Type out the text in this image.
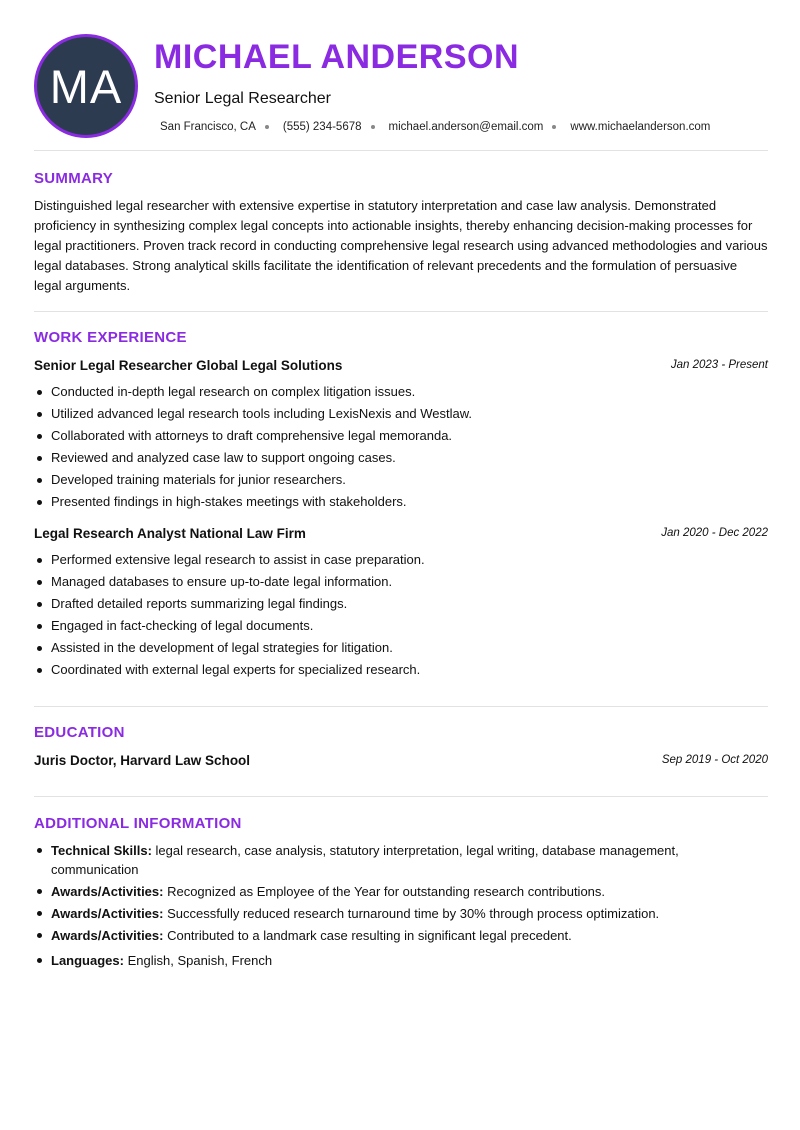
MA
MICHAEL ANDERSON
Senior Legal Researcher
San Francisco, CA (555) 234-5678 michael.anderson@email.com www.michaelanderson.com
SUMMARY

Distinguished legal researcher with extensive expertise in statutory interpretation and case law analysis. Demonstrated proficiency in synthesizing complex legal concepts into actionable insights, thereby enhancing decision-making processes for legal practitioners. Proven track record in conducting comprehensive legal research using advanced methodologies and various legal databases. Strong analytical skills facilitate the identification of relevant precedents and the formulation of persuasive legal arguments.

WORK EXPERIENCE
Senior Legal Researcher Global Legal Solutions	Jan 2023 - Present
Conducted in-depth legal research on complex litigation issues.
Utilized advanced legal research tools including LexisNexis and Westlaw.
Collaborated with attorneys to draft comprehensive legal memoranda.
Reviewed and analyzed case law to support ongoing cases.
Developed training materials for junior researchers.
Presented findings in high-stakes meetings with stakeholders.
Legal Research Analyst National Law Firm	Jan 2020 - Dec 2022
Performed extensive legal research to assist in case preparation.
Managed databases to ensure up-to-date legal information.
Drafted detailed reports summarizing legal findings.
Engaged in fact-checking of legal documents.
Assisted in the development of legal strategies for litigation.
Coordinated with external legal experts for specialized research.
EDUCATION
Juris Doctor, Harvard Law School	Sep 2019 - Oct 2020
ADDITIONAL INFORMATION
Technical Skills: legal research, case analysis, statutory interpretation, legal writing, database management, communication
Awards/Activities: Recognized as Employee of the Year for outstanding research contributions.
Awards/Activities: Successfully reduced research turnaround time by 30% through process optimization.
Awards/Activities: Contributed to a landmark case resulting in significant legal precedent.
Languages: English, Spanish, French
